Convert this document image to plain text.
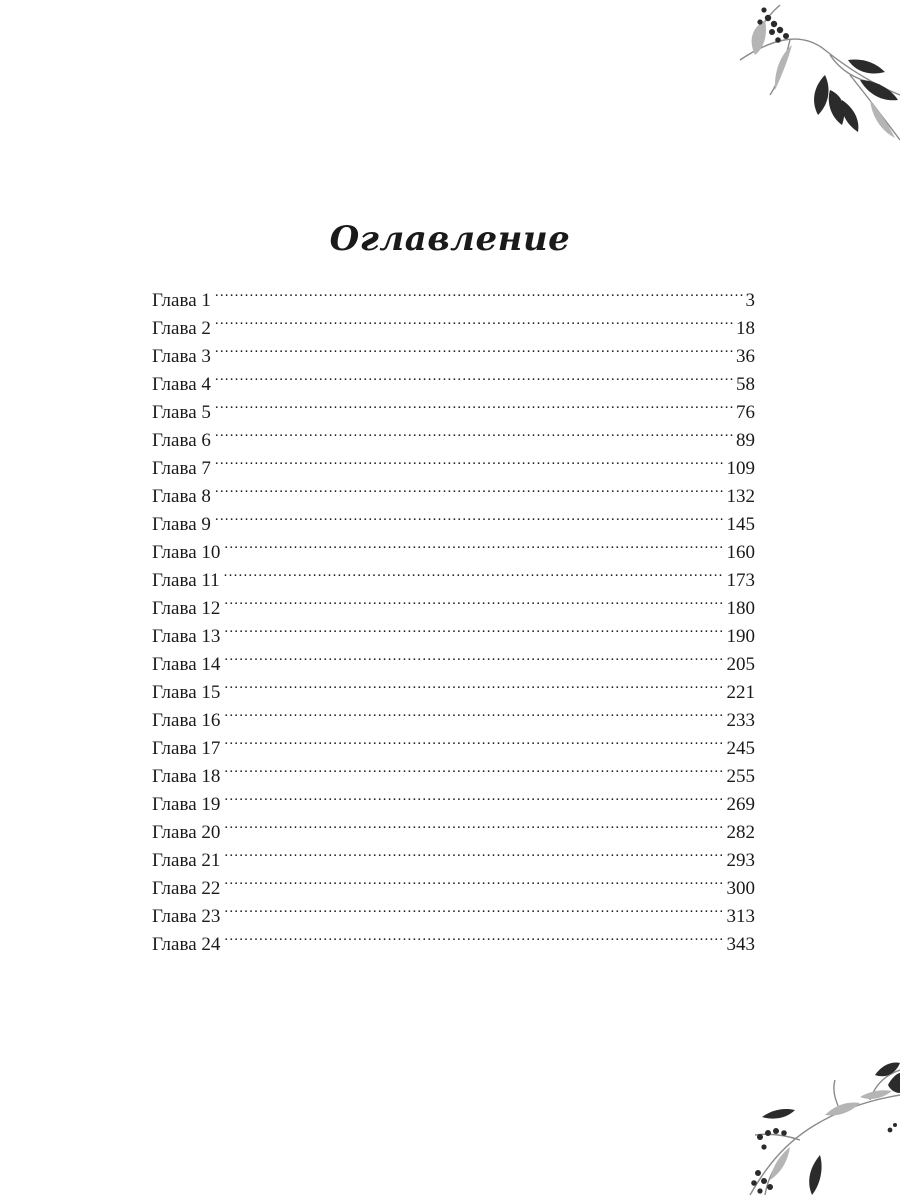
Оглавление
Глава 1 .....	3
Глава 2 .....	18
Глава 3 .....	36
Глава 4 .....	58
Глава 5 .....	76
Глава 6 .....	89
Глава 7 .....	109
Глава 8 .....	132
Глава 9 .....	145
Глава 10 .....	160
Глава 11 .....	173
Глава 12 .....	180
Глава 13 .....	190
Глава 14 .....	205
Глава 15 .....	221
Глава 16 .....	233
Глава 17 .....	245
Глава 18 .....	255
Глава 19 .....	269
Глава 20 .....	282
Глава 21 .....	293
Глава 22 .....	300
Глава 23 .....	313
Глава 24 .....	343
